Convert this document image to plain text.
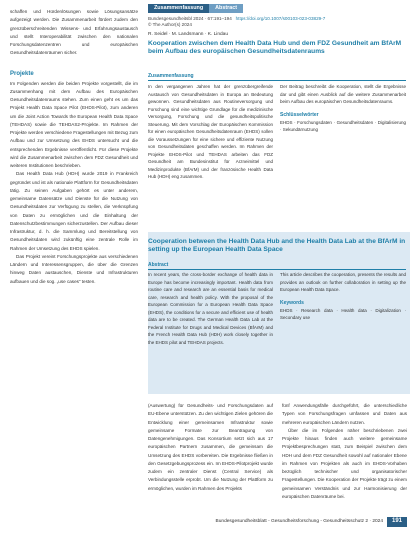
schaffen und Hürdenlösungen sowie Lösungsansätze aufgezeigt werden. Die Zusammenarbeit fördert zudem den grenzüberschreitenden Wissens- und Erfahrungsaustausch und stellt Interoperabilität zwischen den nationalen Forschungsdatenzentren und europäischen Gesundheitsdatenräumen sicher.

Projekte

Im Folgenden werden die beiden Projekte vorgestellt, die im Zusammenhang mit dem Aufbau des Europäischen Gesundheitsdatenraums stehen. Zum einen geht es um das Projekt Health Data Space Pilot (EHDS-Pilot), zum anderen um die Joint Action Towards the European Health Data Space (TEHDAS) sowie die TEHDAS2-Projekte. Im Rahmen der Projekte werden verschiedene Fragestellungen mit Bezug zum Aufbau und zur Umsetzung des EHDS untersucht und die entsprechenden Ergebnisse veröffentlicht. Für diese Projekte wird die Zusammenarbeit zwischen dem FDZ Gesundheit und weiteren Institutionen beschrieben.

Das Health Data Hub (HDH) wurde 2019 in Frankreich gegründet und ist als nationale Plattform für Gesundheitsdaten tätig. Zu seinen Aufgaben gehört es unter anderem, gemeinsame Datensätze und Dienste für die Nutzung von Gesundheitsdaten zur Verfügung zu stellen, die Verknüpfung von Daten zu ermöglichen und die Einhaltung der Datenschutzbestimmungen sicherzustellen. Der Aufbau dieser Infrastruktur, d. h. die Sammlung und Bereitstellung von Gesundheitsdaten wird zukünftig eine zentrale Rolle im Rahmen der Umsetzung des EHDS spielen.

Das Projekt vereint Forschungsprojekte aus verschiedenen Ländern und Interessensgruppen, die über die Grenzen hinweg Daten austauschen, Dienste und Infrastrukturen aufbauen und die sog. „use cases“ testen.

Zusammenfassung	Abstract
Bundesgesundheitsbl 2024 · 67:191–194 https://doi.org/10.1007/s00103-023-03829-7
© The Author(s) 2024
R. Seidel · M. Landsmann · K. Lindau
Kooperation zwischen dem Health Data Hub und dem FDZ Gesundheit am BfArM beim Aufbau des europäischen Gesundheitsdatenraums
Zusammenfassung
In den vergangenen Jahren hat der grenzübergreifende Austausch von Gesundheitsdaten in Europa an Bedeutung gewonnen. Gesundheitsdaten aus Routineversorgung und Forschung sind eine wichtige Grundlage für die medizinische Versorgung, Forschung und die gesundheitspolitische Steuerung. Mit dem Vorschlag der Europäischen Kommission für einen europäischen Gesundheitsdatenraum (EHDS) sollen die Voraussetzungen für eine sichere und effiziente Nutzung von Gesundheitsdaten geschaffen werden. Im Rahmen der Projekte EHDS-Pilot und TEHDAS arbeiten das FDZ Gesundheit am Bundesinstitut für Arzneimittel und Medizinprodukte (BfArM) und der französische Health Data Hub (HDH) eng zusammen.
Der Beitrag beschreibt die Kooperation, stellt die Ergebnisse dar und gibt einen Ausblick auf die weitere Zusammenarbeit beim Aufbau des europäischen Gesundheitsdatenraums.
Schlüsselwörter
EHDS · Forschungsdaten · Gesundheitsdaten · Digitalisierung · Sekundärnutzung
Cooperation between the Health Data Hub and the Health Data Lab at the BfArM in setting up the European Health Data Space
Abstract
In recent years, the cross-border exchange of health data in Europe has become increasingly important. Health data from routine care and research are an essential basis for medical care, research and health policy. With the proposal of the European Commission for a European Health Data Space (EHDS), the conditions for a secure and efficient use of health data are to be created. The German Health Data Lab at the Federal Institute for Drugs and Medical Devices (BfArM) and the French Health Data Hub (HDH) work closely together in the EHDS pilot and TEHDAS projects.
This article describes the cooperation, presents the results and provides an outlook on further collaboration in setting up the European Health Data Space.
Keywords
EHDS · Research data · Health data · Digitalization · Secondary use

(Auswertung) für Gesundheits- und Forschungsdaten auf EU-Ebene unterstützen. Zu den wichtigen Zielen gehören die Entwicklung einer gemeinsamen Infrastruktur sowie gemeinsame Formate zur Beantragung von Datengenehmigungen. Das Konsortium setzt sich aus 17 europäischen Partnern zusammen, die gemeinsam die Umsetzung des EHDS vorbereiten. Die Ergebnisse fließen in den Gesetzgebungsprozess ein. Im EHDS-Pilotprojekt wurde zudem ein zentraler Dienst (Central Service) als Verbindungsstelle erprobt. Um die Nutzung der Plattform zu ermöglichen, wurden im Rahmen des Projekts

fünf Anwendungsfälle durchgeführt, die unterschiedliche Typen von Forschungsfragen umfassen und Daten aus mehreren europäischen Ländern nutzen.

Über die im Folgenden näher beschriebenen zwei Projekte hinaus finden auch weitere gemeinsame Projektbesprechungen statt, zum Beispiel zwischen dem HDH und dem FDZ Gesundheit sowohl auf nationaler Ebene im Rahmen von Projekten als auch im EHDS-Vorhaben bezüglich technischer und organisatorischer Fragestellungen. Die Kooperation der Projekte trägt zu einem gemeinsamen Verständnis und zur Harmonisierung der europäischen Datenräume bei.

Bundesgesundheitsblatt - Gesundheitsforschung - Gesundheitsschutz 2 · 2024	191
